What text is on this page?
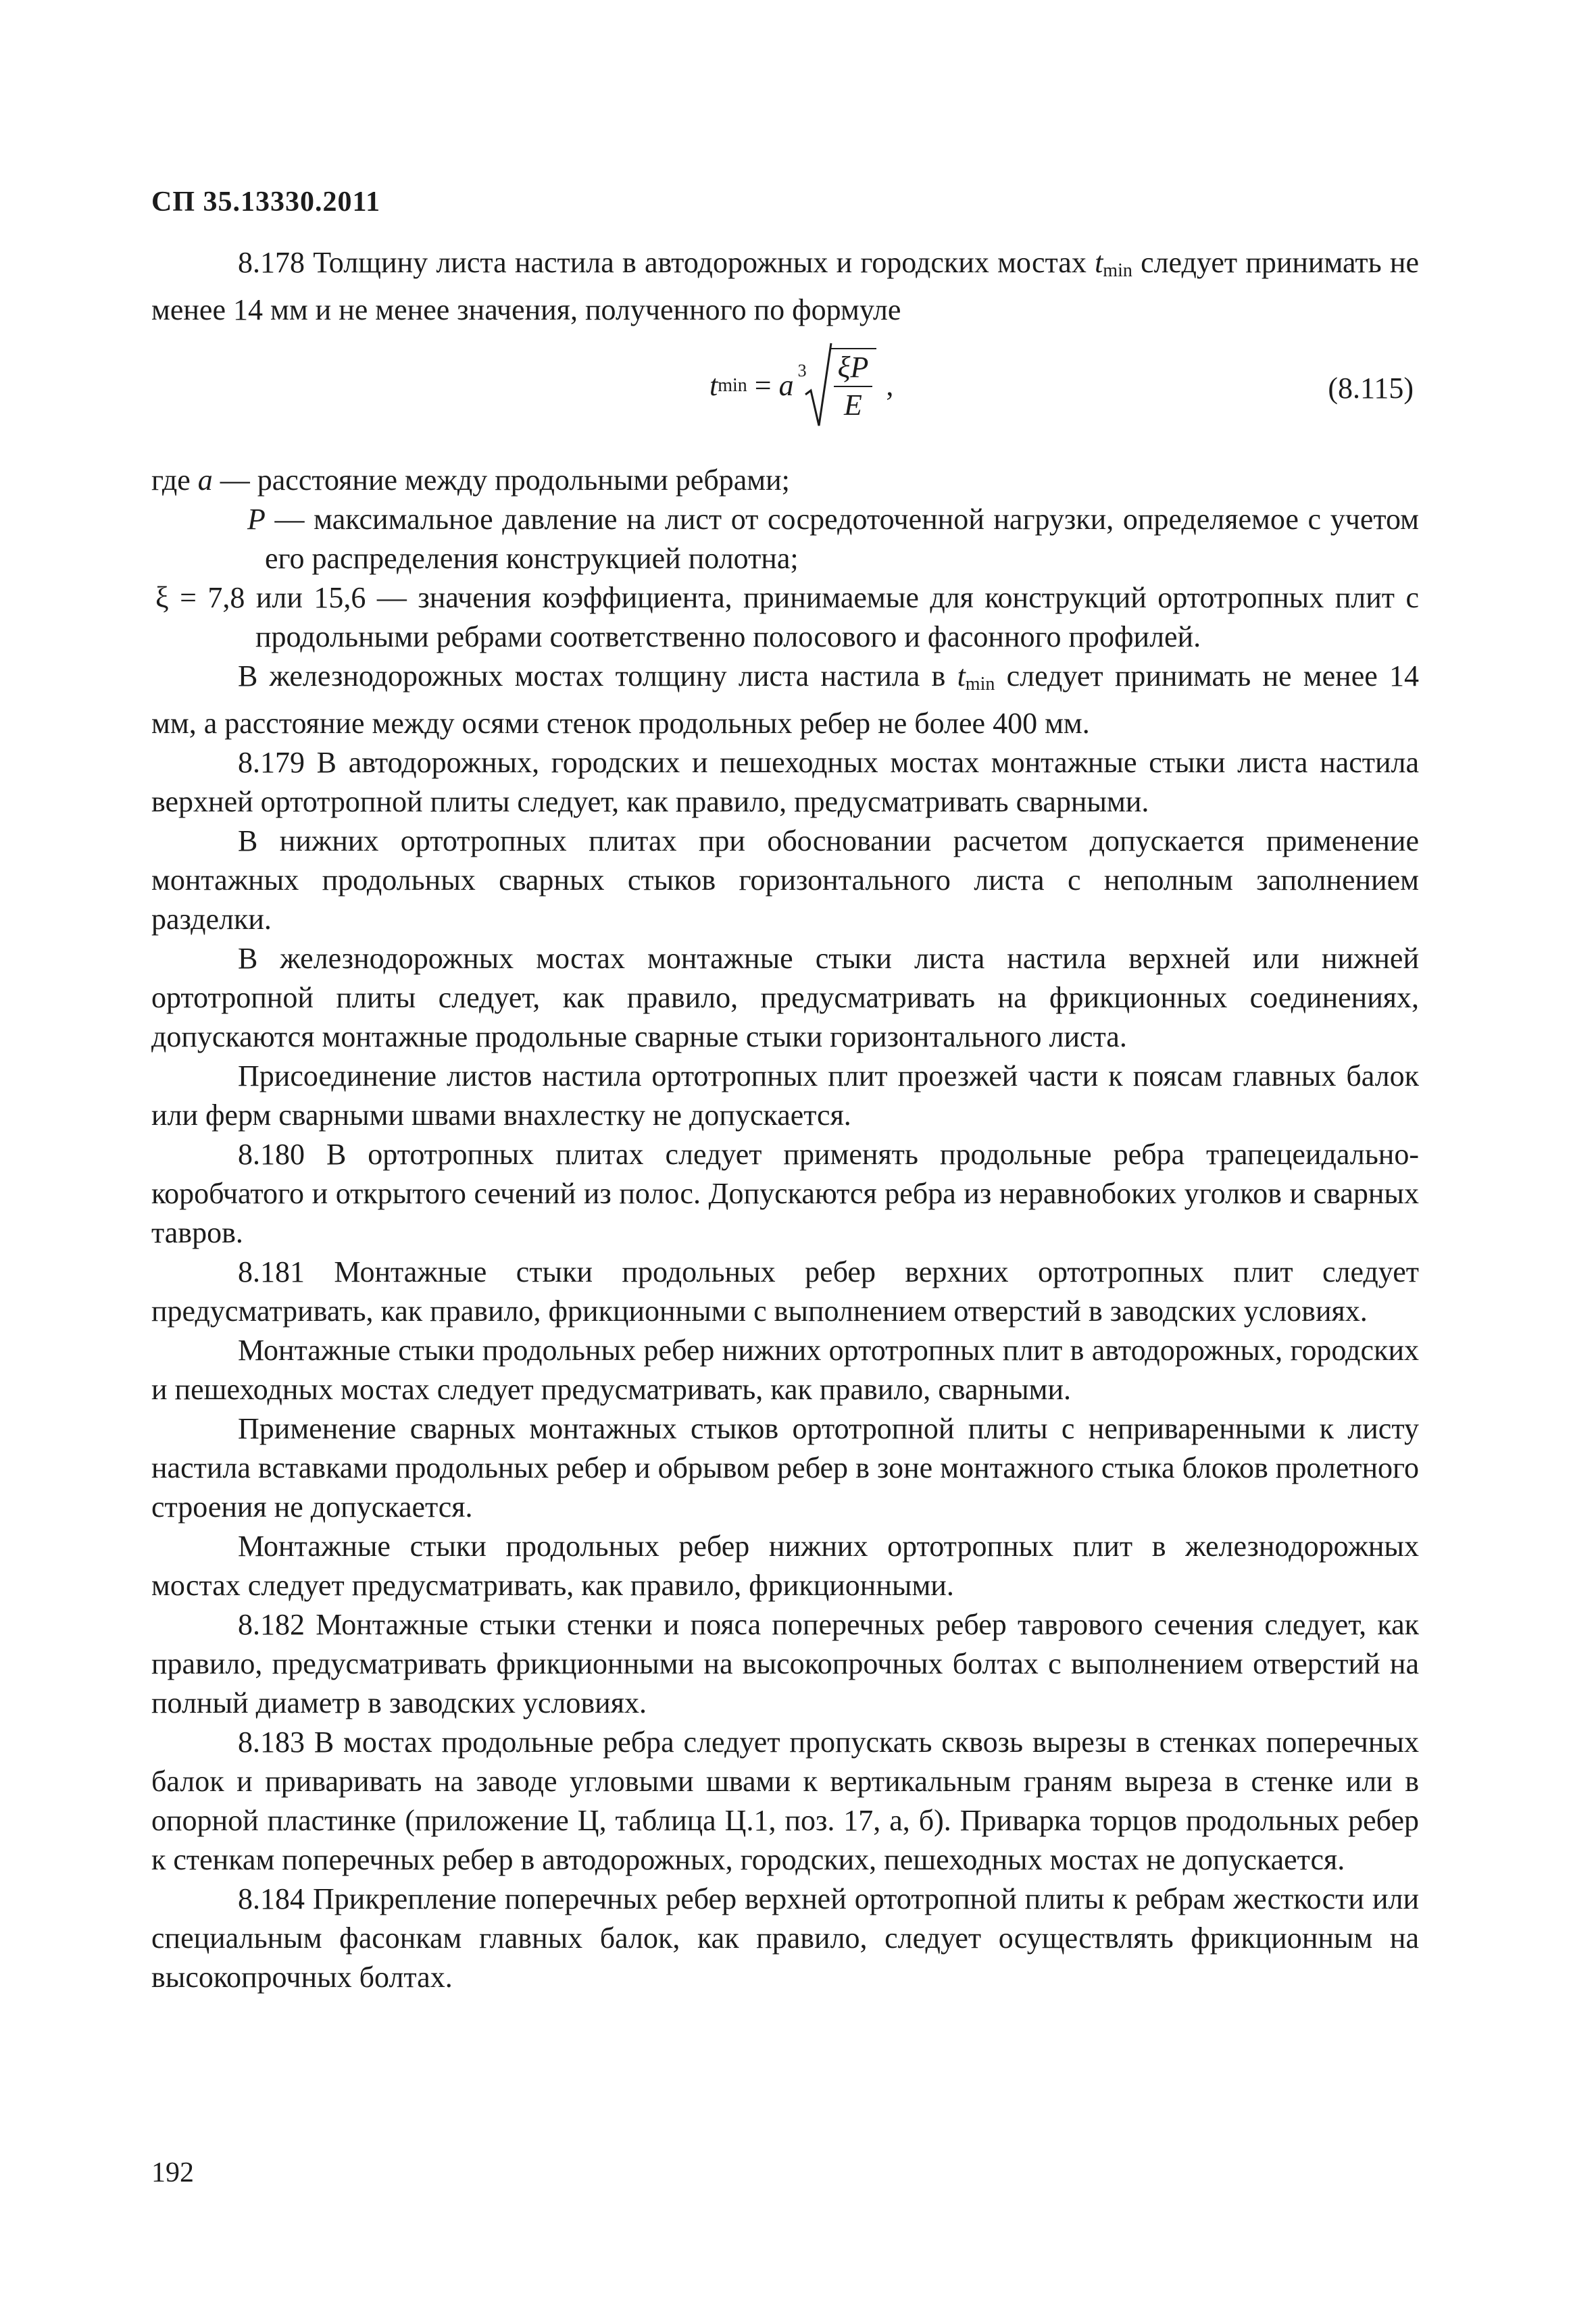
СП 35.13330.2011

8.178 Толщину листа настила в автодорожных и городских мостах $t_{min}$ следует принимать не менее 14 мм и не менее значения, полученного по формуле

t min = a $3 \frac{\xi P}{E}$ ,	(8.115)

где a — расстояние между продольными ребрами;

P — максимальное давление на лист от сосредоточенной нагрузки, определяемое с учетом его распределения конструкцией полотна;

ξ = 7,8 или 15,6 — значения коэффициента, принимаемые для конструкций ортотропных плит с продольными ребрами соответственно полосового и фасонного профилей.

В железнодорожных мостах толщину листа настила в $t_{min}$ следует принимать не менее 14 мм, а расстояние между осями стенок продольных ребер не более 400 мм.

8.179 В автодорожных, городских и пешеходных мостах монтажные стыки листа настила верхней ортотропной плиты следует, как правило, предусматривать сварными.

В нижних ортотропных плитах при обосновании расчетом допускается применение монтажных продольных сварных стыков горизонтального листа с неполным заполнением разделки.

В железнодорожных мостах монтажные стыки листа настила верхней или нижней ортотропной плиты следует, как правило, предусматривать на фрикционных соединениях, допускаются монтажные продольные сварные стыки горизонтального листа.

Присоединение листов настила ортотропных плит проезжей части к поясам главных балок или ферм сварными швами внахлестку не допускается.

8.180 В ортотропных плитах следует применять продольные ребра трапецеидально-коробчатого и открытого сечений из полос. Допускаются ребра из неравнобоких уголков и сварных тавров.

8.181 Монтажные стыки продольных ребер верхних ортотропных плит следует предусматривать, как правило, фрикционными с выполнением отверстий в заводских условиях.

Монтажные стыки продольных ребер нижних ортотропных плит в автодорожных, городских и пешеходных мостах следует предусматривать, как правило, сварными.

Применение сварных монтажных стыков ортотропной плиты с неприваренными к листу настила вставками продольных ребер и обрывом ребер в зоне монтажного стыка блоков пролетного строения не допускается.

Монтажные стыки продольных ребер нижних ортотропных плит в железнодорожных мостах следует предусматривать, как правило, фрикционными.

8.182 Монтажные стыки стенки и пояса поперечных ребер таврового сечения следует, как правило, предусматривать фрикционными на высокопрочных болтах с выполнением отверстий на полный диаметр в заводских условиях.

8.183 В мостах продольные ребра следует пропускать сквозь вырезы в стенках поперечных балок и приваривать на заводе угловыми швами к вертикальным граням выреза в стенке или в опорной пластинке (приложение Ц, таблица Ц.1, поз. 17, а, б). Приварка торцов продольных ребер к стенкам поперечных ребер в автодорожных, городских, пешеходных мостах не допускается.

8.184 Прикрепление поперечных ребер верхней ортотропной плиты к ребрам жесткости или специальным фасонкам главных балок, как правило, следует осуществлять фрикционным на высокопрочных болтах.

192
